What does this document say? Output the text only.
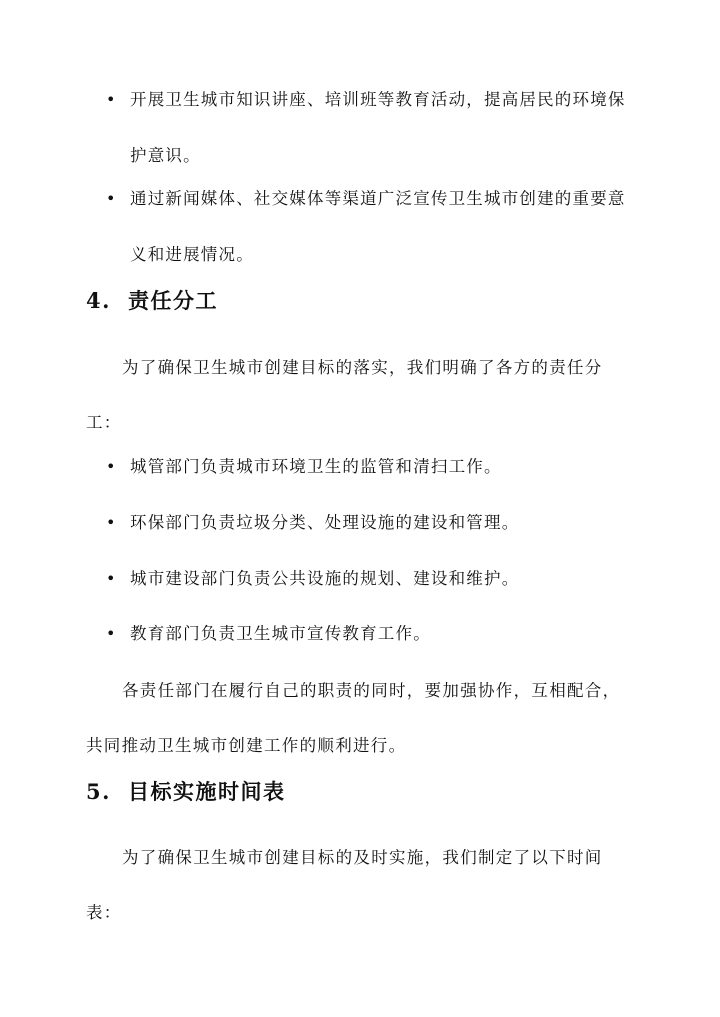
• 开展卫生城市知识讲座、培训班等教育活动，提高居民的环境保护意识。
• 通过新闻媒体、社交媒体等渠道广泛宣传卫生城市创建的重要意义和进展情况。
4. 责任分工
为了确保卫生城市创建目标的落实，我们明确了各方的责任分工：
• 城管部门负责城市环境卫生的监管和清扫工作。
• 环保部门负责垃圾分类、处理设施的建设和管理。
• 城市建设部门负责公共设施的规划、建设和维护。
• 教育部门负责卫生城市宣传教育工作。
各责任部门在履行自己的职责的同时，要加强协作，互相配合，共同推动卫生城市创建工作的顺利进行。
5. 目标实施时间表
为了确保卫生城市创建目标的及时实施，我们制定了以下时间表：
